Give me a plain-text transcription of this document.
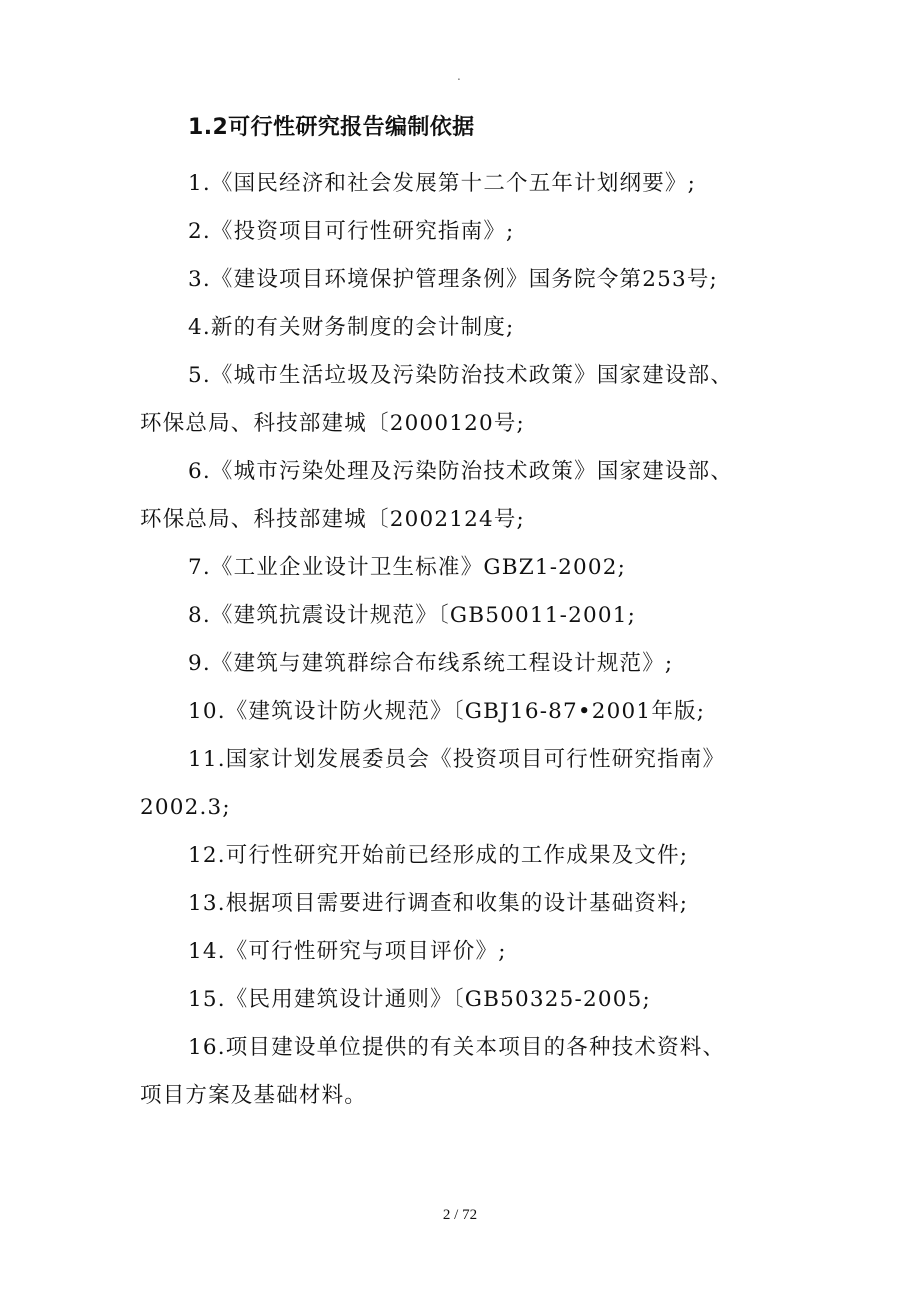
.
1.2可行性研究报告编制依据
1.《国民经济和社会发展第十二个五年计划纲要》;
2.《投资项目可行性研究指南》;
3.《建设项目环境保护管理条例》国务院令第253号;
4.新的有关财务制度的会计制度;
5.《城市生活垃圾及污染防治技术政策》国家建设部、
环保总局、科技部建城〔2000120号;
6.《城市污染处理及污染防治技术政策》国家建设部、
环保总局、科技部建城〔2002124号;
7.《工业企业设计卫生标准》GBZ1-2002;
8.《建筑抗震设计规范》〔GB50011-2001;
9.《建筑与建筑群综合布线系统工程设计规范》;
10.《建筑设计防火规范》〔GBJ16-87•2001年版;
11.国家计划发展委员会《投资项目可行性研究指南》
2002.3;
12.可行性研究开始前已经形成的工作成果及文件;
13.根据项目需要进行调查和收集的设计基础资料;
14.《可行性研究与项目评价》;
15.《民用建筑设计通则》〔GB50325-2005;
16.项目建设单位提供的有关本项目的各种技术资料、
项目方案及基础材料。
2 / 72
